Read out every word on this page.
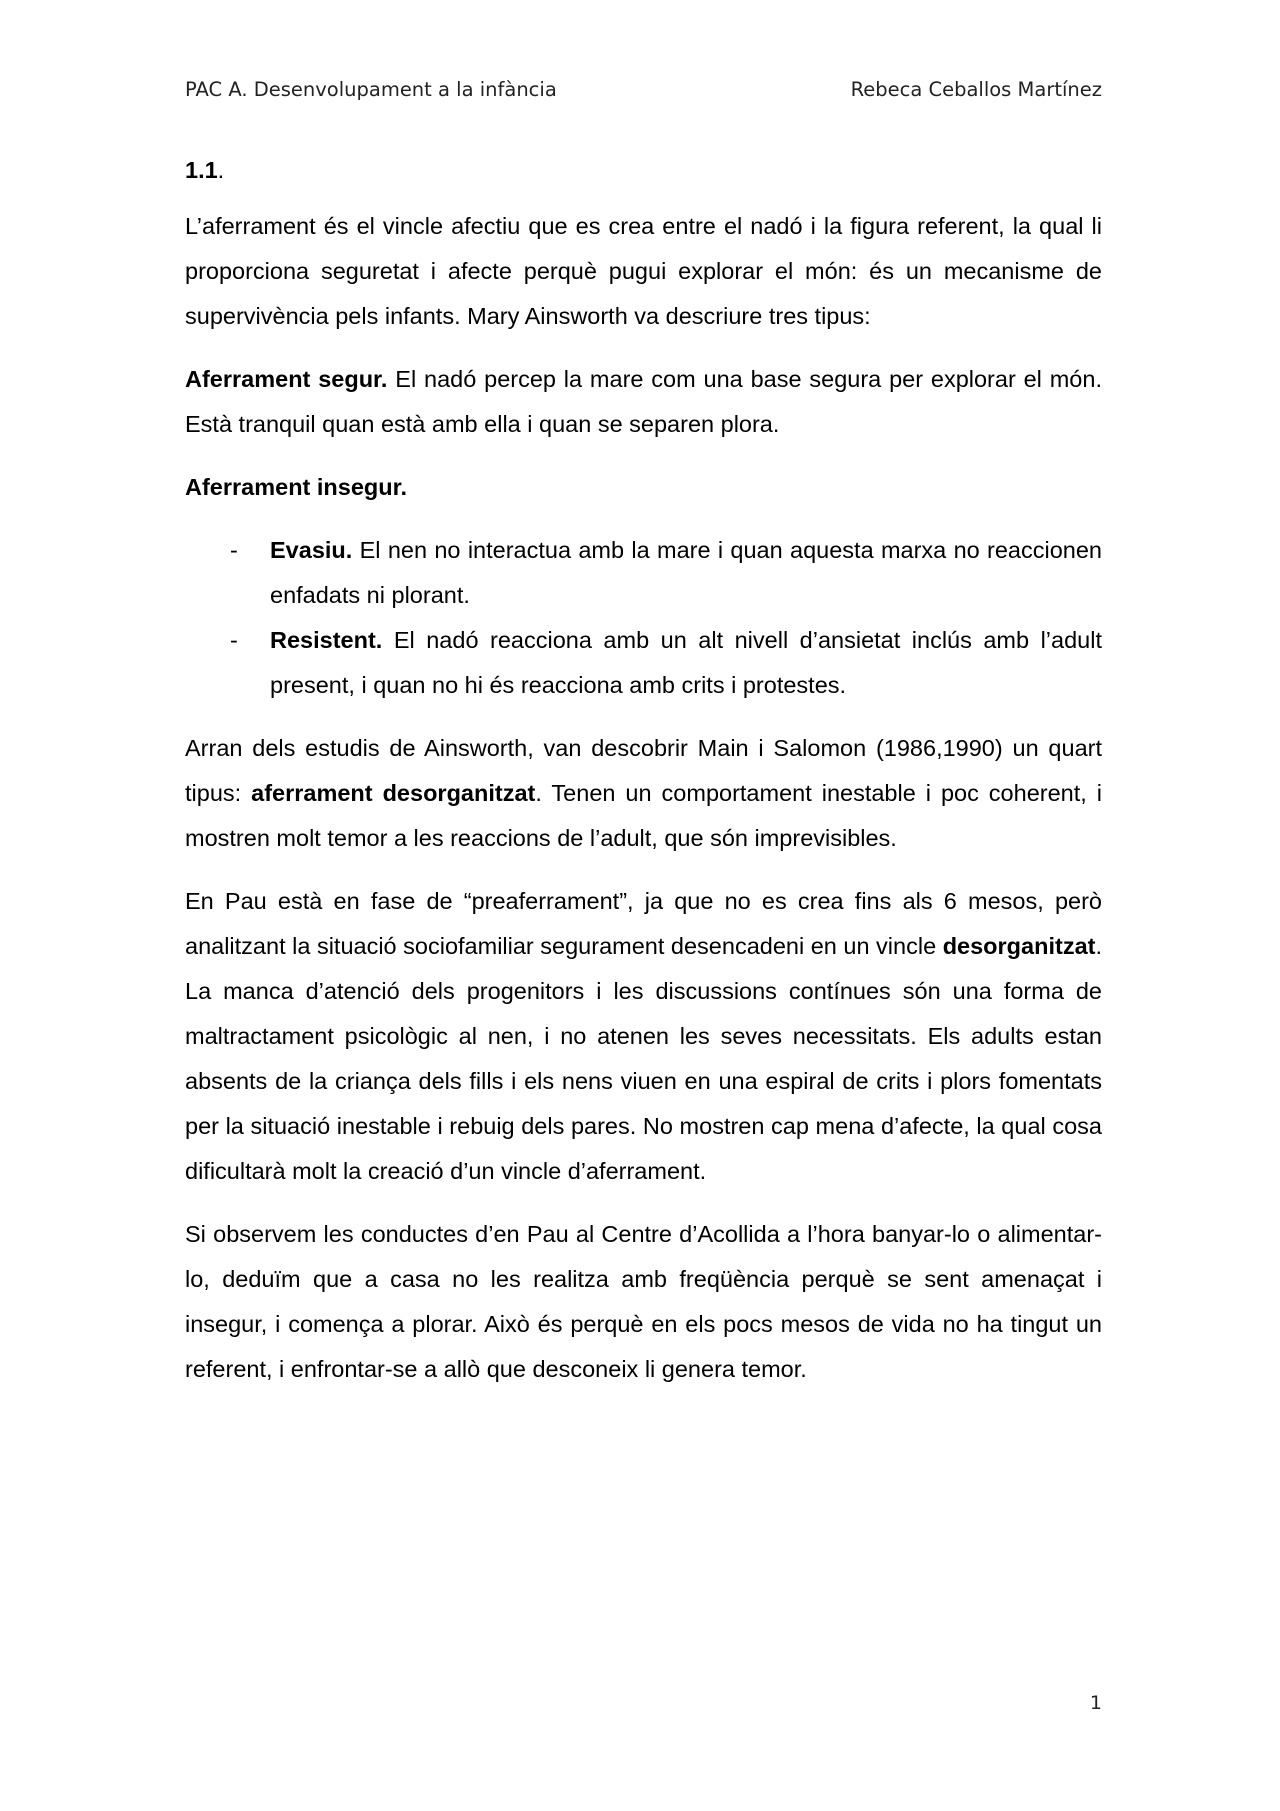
PAC A. Desenvolupament a la infància	Rebeca Ceballos Martínez
1.1.

L’aferrament és el vincle afectiu que es crea entre el nadó i la figura referent, la qual li proporciona seguretat i afecte perquè pugui explorar el món: és un mecanisme de supervivència pels infants. Mary Ainsworth va descriure tres tipus:

Aferrament segur. El nadó percep la mare com una base segura per explorar el món. Està tranquil quan està amb ella i quan se separen plora.

Aferrament insegur.

- Evasiu. El nen no interactua amb la mare i quan aquesta marxa no reaccionen enfadats ni plorant.
- Resistent. El nadó reacciona amb un alt nivell d’ansietat inclús amb l’adult present, i quan no hi és reacciona amb crits i protestes.

Arran dels estudis de Ainsworth, van descobrir Main i Salomon (1986,1990) un quart tipus: aferrament desorganitzat. Tenen un comportament inestable i poc coherent, i mostren molt temor a les reaccions de l’adult, que són imprevisibles.

En Pau està en fase de “preaferrament”, ja que no es crea fins als 6 mesos, però analitzant la situació sociofamiliar segurament desencadeni en un vincle desorganitzat. La manca d’atenció dels progenitors i les discussions contínues són una forma de maltractament psicològic al nen, i no atenen les seves necessitats. Els adults estan absents de la criança dels fills i els nens viuen en una espiral de crits i plors fomentats per la situació inestable i rebuig dels pares. No mostren cap mena d’afecte, la qual cosa dificultarà molt la creació d’un vincle d’aferrament.

Si observem les conductes d’en Pau al Centre d’Acollida a l’hora banyar-lo o alimentar-lo, deduïm que a casa no les realitza amb freqüència perquè se sent amenaçat i insegur, i comença a plorar. Això és perquè en els pocs mesos de vida no ha tingut un referent, i enfrontar-se a allò que desconeix li genera temor.

1
